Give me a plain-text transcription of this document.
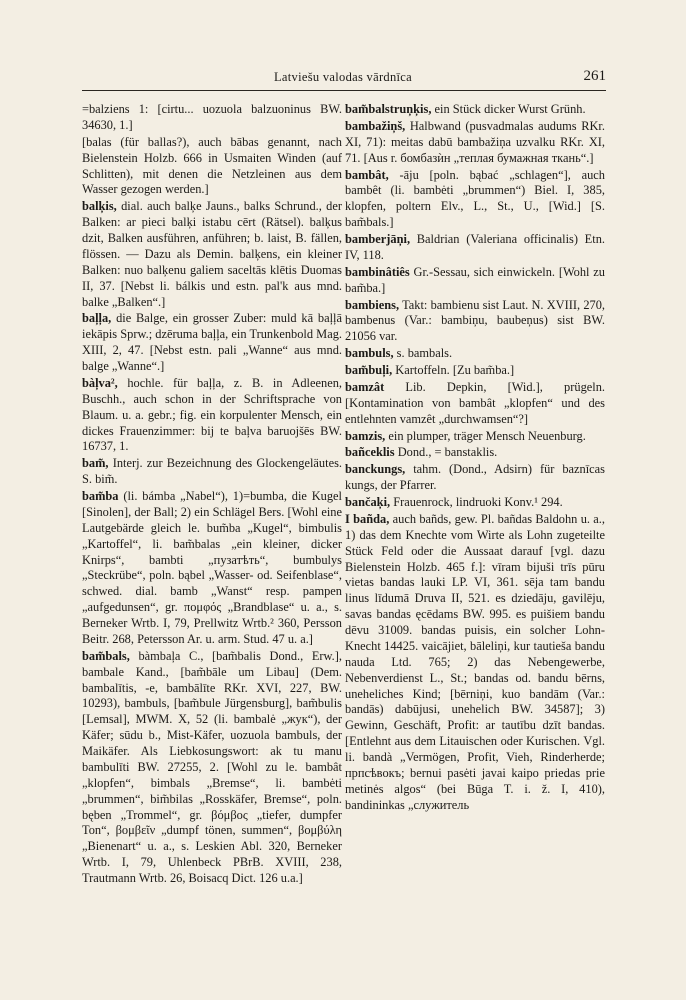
Latviešu valodas vārdnīca	261

=balziens 1: [cirtu... uozuola balzuoninus BW. 34630, 1.]

[balas (für ballas?), auch bābas genannt, nach Bielenstein Holzb. 666 in Usmaiten Winden (auf Schlitten), mit denen die Netzleinen aus dem Wasser gezogen werden.]

balķis, dial. auch balķe Jauns., balks Schrund., der Balken: ar pieci balķi istabu cērt (Rätsel). balķus dzit, Balken ausführen, anführen; b. laist, B. fällen, flössen. — Dazu als Demin. balķens, ein kleiner Balken: nuo balķenu galiem saceltās klētis Duomas II, 37. [Nebst li. bálkis und estn. pal'k aus mnd. balke „Balken“.]

baļļa, die Balge, ein grosser Zuber: muld kā baļļā iekāpis Sprw.; dzēruma baļļa, ein Trunkenbold Mag. XIII, 2, 47. [Nebst estn. pali „Wanne“ aus mnd. balge „Wanne“.]

bàļva², hochle. für baļļa, z. B. in Adleenen, Buschh., auch schon in der Schriftsprache von Blaum. u. a. gebr.; fig. ein korpulenter Mensch, ein dickes Frauenzimmer: bij te baļva baruojšēs BW. 16737, 1.

bam̃, Interj. zur Bezeichnung des Glockengeläutes. S. bim̃.

bam̃ba (li. bámba „Nabel“), 1)=bumba, die Kugel [Sinolen], der Ball; 2) ein Schlägel Bers. [Wohl eine Lautgebärde gleich le. bum̃ba „Kugel“, bimbulis „Kartoffel“, li. bam̃balas „ein kleiner, dicker Knirps“, bambti „пузатѣть“, bumbulys „Steckrübe“, poln. bąbel „Wasser- od. Seifenblase“, schwed. dial. bamb „Wanst“ resp. pampen „aufgedunsen“, gr. πομφός „Brandblase“ u. a., s. Berneker Wrtb. I, 79, Prellwitz Wrtb.² 360, Persson Beitr. 268, Petersson Ar. u. arm. Stud. 47 u. a.]

bam̃bals, bàmbaļa C., [bam̃balis Dond., Erw.], bambale Kand., [bam̃bāle um Libau] (Dem. bambalītis, -e, bambālīte RKr. XVI, 227, BW. 10293), bambuls, [bam̃bule Jürgensburg], bam̃bulis [Lemsal], MWM. X, 52 (li. bambalė „жук“), der Käfer; sūdu b., Mist-Käfer, uozuola bambuls, der Maikäfer. Als Liebkosungswort: ak tu manu bambulīti BW. 27255, 2. [Wohl zu le. bambât „klopfen“, bimbals „Bremse“, li. bambėti „brummen“, bim̃bilas „Rosskäfer, Bremse“, poln. bęben „Trommel“, gr. βόμβος „tiefer, dumpfer Ton“, βομβεῖν „dumpf tönen, summen“, βομβύλη „Bienenart“ u. a., s. Leskien Abl. 320, Berneker Wrtb. I, 79, Uhlenbeck PBrB. XVIII, 238, Trautmann Wrtb. 26, Boisacq Dict. 126 u.a.]

bam̃balstruņķis, ein Stück dicker Wurst Grünh.

bambažiņš, Halbwand (pusvadmalas audums RKr. XI, 71): meitas dabū bambažiņa uzvalku RKr. XI, 71. [Aus r. бомбазѝн „теплая бумажная ткань“.]

bambât, -āju [poln. bąbać „schlagen“], auch bambêt (li. bambėti „brummen“) Biel. I, 385, klopfen, poltern Elv., L., St., U., [Wid.] [S. bam̃bals.]

bamberjāņi, Baldrian (Valeriana officinalis) Etn. IV, 118.

bambinâtiês Gr.-Sessau, sich einwickeln. [Wohl zu bam̃ba.]

bambiens, Takt: bambienu sist Laut. N. XVIII, 270, bambenus (Var.: bambiņu, baubeņus) sist BW. 21056 var.

bambuls, s. bambals.

bam̃buļi, Kartoffeln. [Zu bam̃ba.]

bamzât Lib. Depkin, [Wid.], prügeln. [Kontamination von bambât „klopfen“ und des entlehnten vamzêt „durchwamsen“?]

bamzis, ein plumper, träger Mensch Neuenburg.

bañceklis Dond., = banstaklis.

banckungs, tahm. (Dond., Adsirn) für baznīcas kungs, der Pfarrer.

bančaķi, Frauenrock, lindruoki Konv.¹ 294.

I bañda, auch bañds, gew. Pl. bañdas Baldohn u. a., 1) das dem Knechte vom Wirte als Lohn zugeteilte Stück Feld oder die Aussaat darauf [vgl. dazu Bielenstein Holzb. 465 f.]: vīram bijuši trīs pūru vietas bandas lauki LP. VI, 361. sēja tam bandu linus līdumā Druva II, 521. es dziedāju, gavilēju, savas bandas ęcēdams BW. 995. es puišiem bandu dēvu 31009. bandas puisis, ein solcher Lohn-Knecht 14425. vaicājiet, bāleliņi, kur tautieša bandu nauda Ltd. 765; 2) das Nebengewerbe, Nebenverdienst L., St.; bandas od. bandu bērns, uneheliches Kind; [bērniņi, kuo bandām (Var.: bandās) dabūjusi, unehelich BW. 34587]; 3) Gewinn, Geschäft, Profit: ar tautību dzīt bandas. [Entlehnt aus dem Litauischen oder Kurischen. Vgl. li. bandà „Vermögen, Profit, Vieh, Rinderherde; прпсѣвокъ; bernui pasėti javai kaipo priedas prie metinės algos“ (bei Būga T. i. ž. I, 410), bandininkas „служитель
